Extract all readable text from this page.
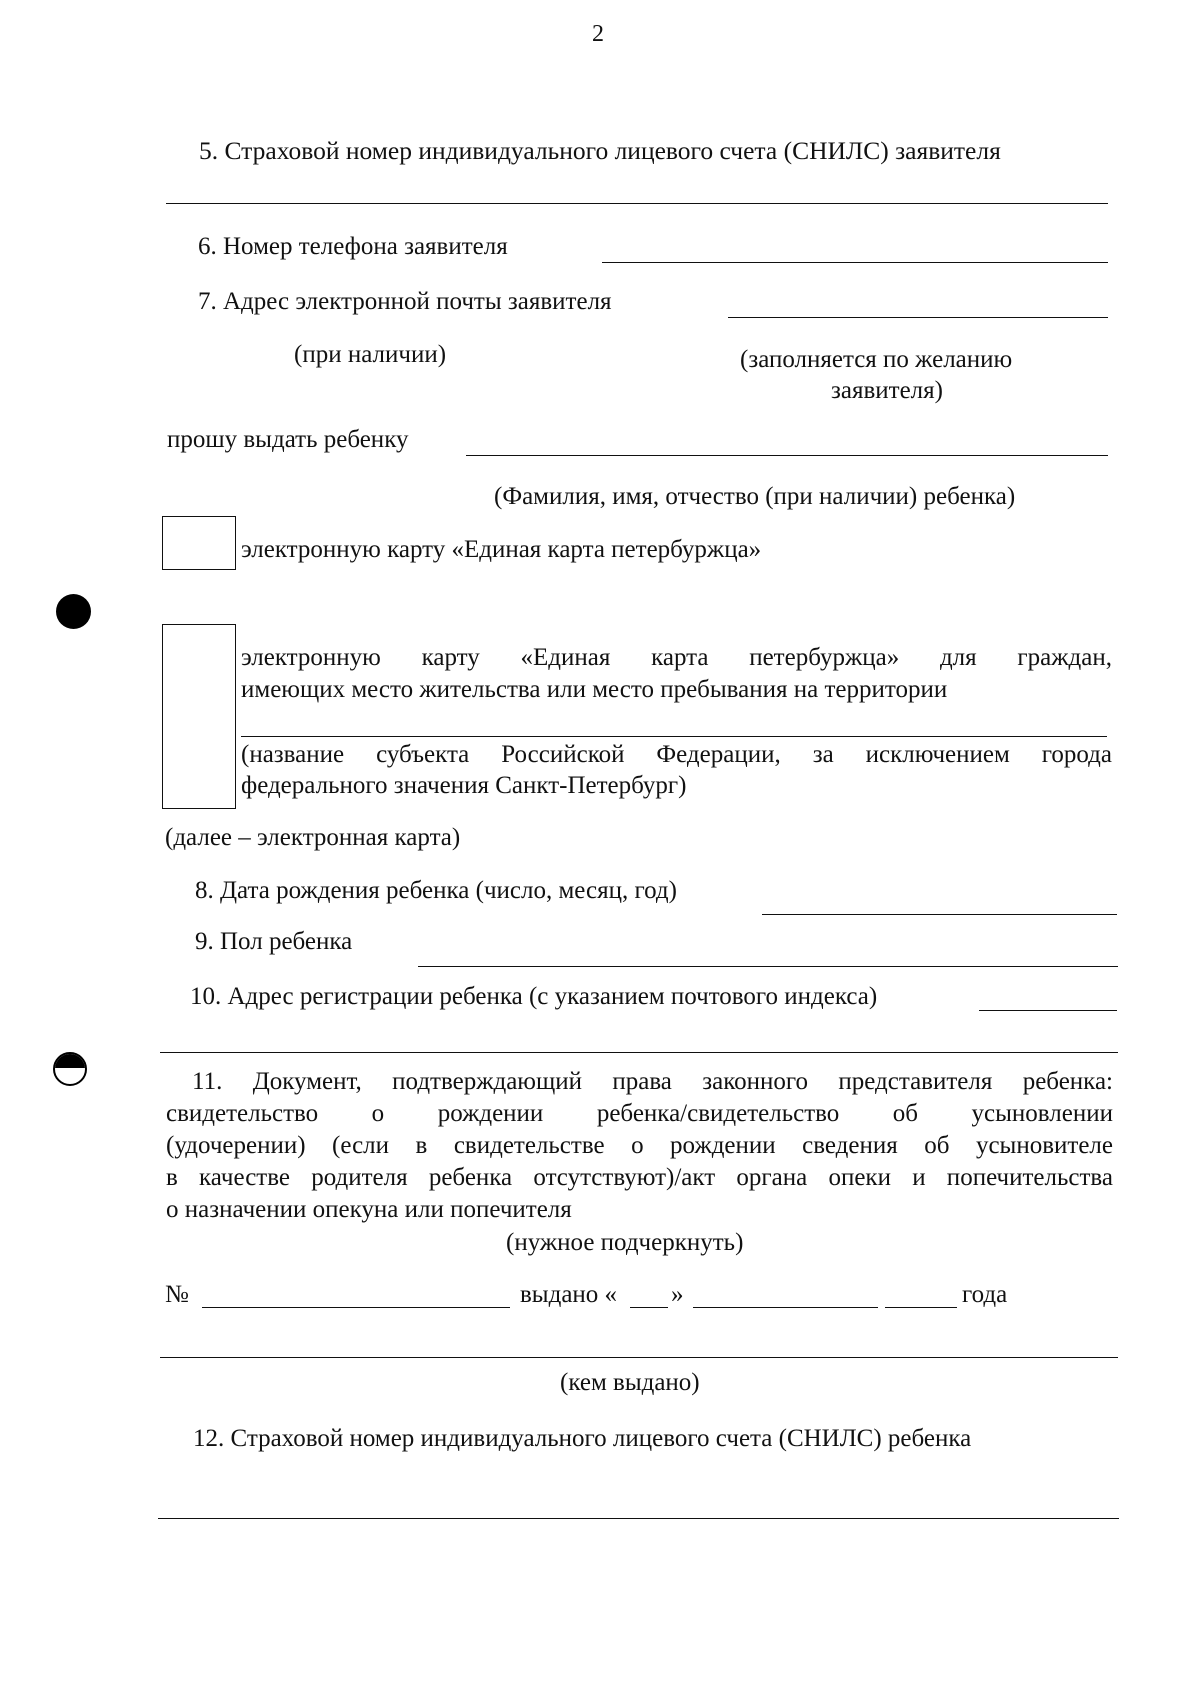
2
5. Страховой номер индивидуального лицевого счета (СНИЛС) заявителя
6. Номер телефона заявителя
7. Адрес электронной почты заявителя
(при наличии)	(заполняется по желанию
заявителя)
прошу выдать ребенку
(Фамилия, имя, отчество (при наличии) ребенка)
электронную карту «Единая карта петербуржца»
электронную карту «Единая карта петербуржца» для граждан,
имеющих место жительства или место пребывания на территории
(название субъекта Российской Федерации, за исключением города
федерального значения Санкт-Петербург)
(далее – электронная карта)
8. Дата рождения ребенка (число, месяц, год)
9. Пол ребенка
10. Адрес регистрации ребенка (с указанием почтового индекса)
11. Документ, подтверждающий права законного представителя ребенка:
свидетельство о рождении ребенка/свидетельство об усыновлении
(удочерении) (если в свидетельстве о рождении сведения об усыновителе
в качестве родителя ребенка отсутствуют)/акт органа опеки и попечительства
о назначении опекуна или попечителя
(нужное подчеркнуть)
№	выдано « »	года
(кем выдано)
12. Страховой номер индивидуального лицевого счета (СНИЛС) ребенка
